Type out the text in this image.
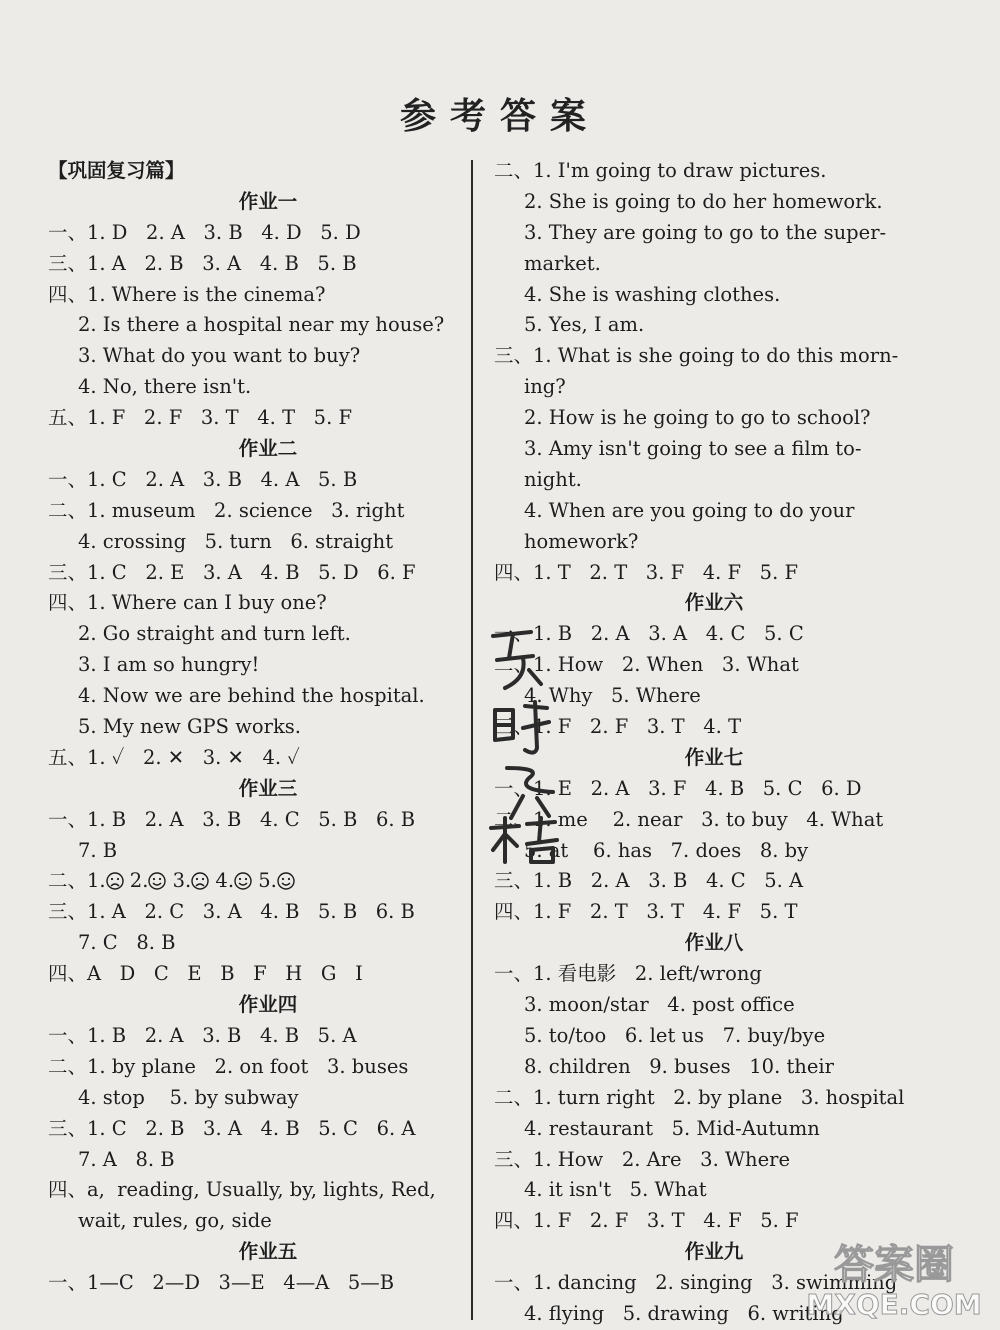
参考答案
【巩固复习篇】
作业一
一、1. D   2. A   3. B   4. D   5. D
三、1. A   2. B   3. A   4. B   5. B
四、1. Where is the cinema?
2. Is there a hospital near my house?
3. What do you want to buy?
4. No, there isn't.
五、1. F   2. F   3. T   4. T   5. F
作业二
一、1. C   2. A   3. B   4. A   5. B
二、1. museum   2. science   3. right
4. crossing   5. turn   6. straight
三、1. C   2. E   3. A   4. B   5. D   6. F
四、1. Where can I buy one?
2. Go straight and turn left.
3. I am so hungry!
4. Now we are behind the hospital.
5. My new GPS works.
五、1. ✓   2. ✕   3. ✕   4. ✓
作业三
一、1. B   2. A   3. B   4. C   5. B   6. B
7. B
二、1. 2. 3. 4. 5.
三、1. A   2. C   3. A   4. B   5. B   6. B
7. C   8. B
四、A   D   C   E   B   F   H   G   I
作业四
一、1. B   2. A   3. B   4. B   5. A
二、1. by plane   2. on foot   3. buses
4. stop    5. by subway
三、1. C   2. B   3. A   4. B   5. C   6. A
7. A   8. B
四、a,  reading, Usually, by, lights, Red,
wait, rules, go, side
作业五
一、1—C   2—D   3—E   4—A   5—B
二、1. I'm going to draw pictures.
2. She is going to do her homework.
3. They are going to go to the super-
market.
4. She is washing clothes.
5. Yes, I am.
三、1. What is she going to do this morn-
ing?
2. How is he going to go to school?
3. Amy isn't going to see a film to-
night.
4. When are you going to do your
homework?
四、1. T   2. T   3. F   4. F   5. F
作业六
一、1. B   2. A   3. A   4. C   5. C
二、1. How   2. When   3. What
4. Why   5. Where
三、1. F   2. F   3. T   4. T
作业七
一、1. E   2. A   3. F   4. B   5. C   6. D
二、1. me    2. near   3. to buy   4. What
5. at    6. has   7. does   8. by
三、1. B   2. A   3. B   4. C   5. A
四、1. F   2. T   3. T   4. F   5. T
作业八
一、1. 看电影   2. left/wrong
3. moon/star   4. post office
5. to/too   6. let us   7. buy/bye
8. children   9. buses   10. their
二、1. turn right   2. by plane   3. hospital
4. restaurant   5. Mid-Autumn
三、1. How   2. Are   3. Where
4. it isn't   5. What
四、1. F   2. F   3. T   4. F   5. F
作业九
一、1. dancing   2. singing   3. swimming
4. flying   5. drawing   6. writing
答案圈
MXQE.COM
